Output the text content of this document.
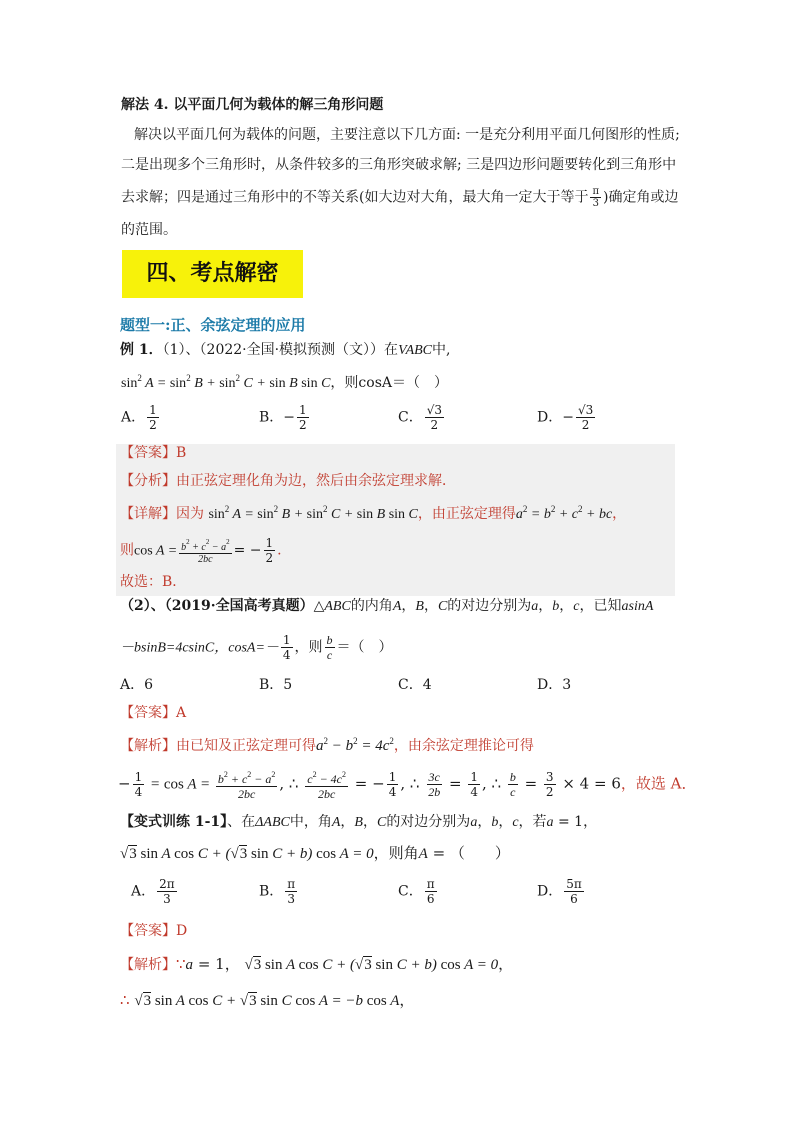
解法 4. 以平面几何为载体的解三角形问题
解决以平面几何为载体的问题，主要注意以下几方面: 一是充分利用平面几何图形的性质;
二是出现多个三角形时，从条件较多的三角形突破求解; 三是四边形问题要转化到三角形中
去求解；四是通过三角形中的不等关系(如大边对大角，最大角一定大于等于 $\frac{\pi}{3}$ )确定角或边
的范围。
四、考点解密
题型一:正、余弦定理的应用
例 1．（1）、（2022·全国·模拟预测（文））在VABC中,
$\sin^2 A = \sin^2 B + \sin^2 C + \sin B$ sin C，则cosA＝（　）
A． $\frac{1}{2}$	B．− $\frac{1}{2}$	C． $\frac{√3}{2}$	D．− $\frac{√3}{2}$
【答案】B
【分析】由正弦定理化角为边，然后由余弦定理求解．
【详解】因为 $\sin^2 A = \sin^2 B + \sin^2 C + \sin B$ sin C，由正弦定理得$a^2 = b^2 + c^2$ + bc，
则$\cos A = \frac{b^2 + c^2 - a^2}{2bc}$ = − $\frac{1}{2}$ .
故选：B．
（2）、（2019·全国高考真题）△ABC的内角A，B，C的对边分别为a，b，c，已知asinA
－bsinB=4csinC，$\cos A=- \frac{1}{4}$ ，则 $\frac{b}{c}$ ＝（　）
A．6	B．5	C．4	D．3
【答案】A
【解析】由已知及正弦定理可得$a^2 - b^2 = 4c^2$，由余弦定理推论可得
− $\frac{1}{4} = \cos A = \frac{b^2 + c^2 - a^2}{2bc}$ , ∴ $\frac{c^2 - 4c^2}{2bc}$ = − $\frac{1}{4}$ , ∴ $\frac{3c}{2b} = \frac{1}{4}$ , ∴ $\frac{b}{c} = \frac{3}{2} \times 4 = 6$，故选 A．
【变式训练 1-1】、在ΔABC中，角A，B，C的对边分别为a，b，c，若a = 1，
√3 sin A cos C + (√3 sin C + b) cos A = 0，则角A = （　　）
A． $\frac{2\pi}{3}$	B． $\frac{\pi}{3}$	C． $\frac{\pi}{6}$	D． $\frac{5\pi}{6}$
【答案】D
【解析】∵a = 1， √3 sin A cos C + (√3 sin C + b) cos A = 0，
∴ √3 sin A cos C + √3 sin C cos A = −b cos A，
